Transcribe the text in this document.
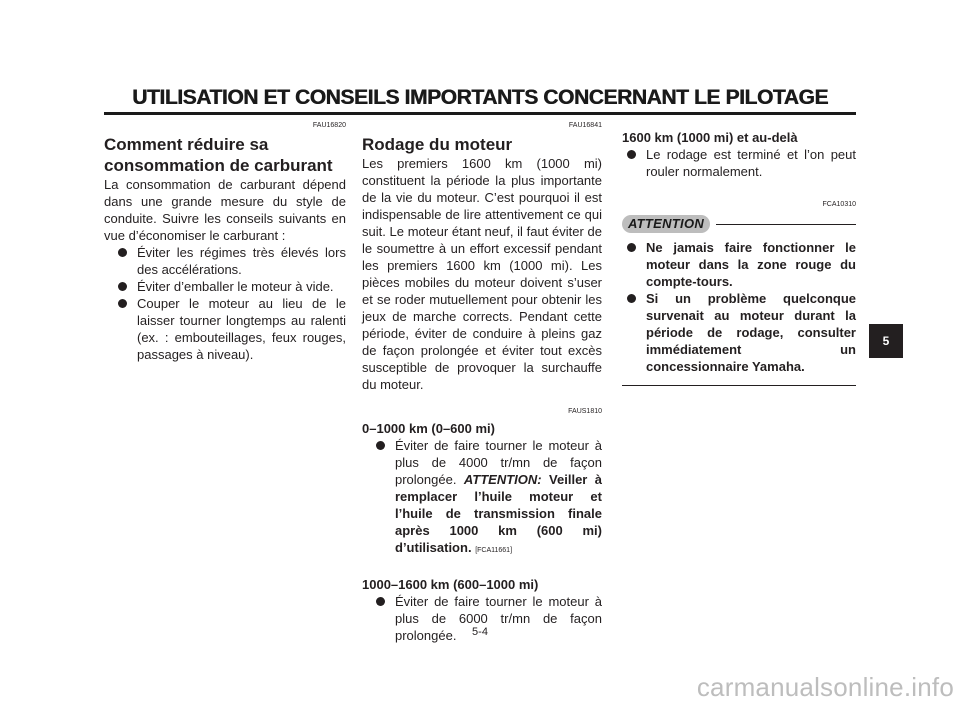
UTILISATION ET CONSEILS IMPORTANTS CONCERNANT LE PILOTAGE
FAU16820
Comment réduire sa consommation de carburant

La consommation de carburant dépend dans une grande mesure du style de conduite. Suivre les conseils suivants en vue d’économiser le carburant :

Éviter les régimes très élevés lors des accélérations.
Éviter d’emballer le moteur à vide.
Couper le moteur au lieu de le laisser tourner longtemps au ralenti (ex. : embouteillages, feux rouges, passages à niveau).
FAU16841
Rodage du moteur

Les premiers 1600 km (1000 mi) constituent la période la plus importante de la vie du moteur. C’est pourquoi il est indispensable de lire attentivement ce qui suit. Le moteur étant neuf, il faut éviter de le soumettre à un effort excessif pendant les premiers 1600 km (1000 mi). Les pièces mobiles du moteur doivent s’user et se roder mutuellement pour obtenir les jeux de marche corrects. Pendant cette période, éviter de conduire à pleins gaz de façon prolongée et éviter tout excès susceptible de provoquer la surchauffe du moteur.

FAUS1810

0–1000 km (0–600 mi)

Éviter de faire tourner le moteur à plus de 4000 tr/mn de façon prolongée. ATTENTION: Veiller à remplacer l’huile moteur et l’huile de transmission finale après 1000 km (600 mi) d’utilisation. [FCA11661]

1000–1600 km (600–1000 mi)

Éviter de faire tourner le moteur à plus de 6000 tr/mn de façon prolongée.

1600 km (1000 mi) et au-delà

Le rodage est terminé et l’on peut rouler normalement.
FCA10310
ATTENTION
Ne jamais faire fonctionner le moteur dans la zone rouge du compte-tours.
Si un problème quelconque survenait au moteur durant la période de rodage, consulter immédiatement un concessionnaire Yamaha.
5
5-4
carmanualsonline.info
